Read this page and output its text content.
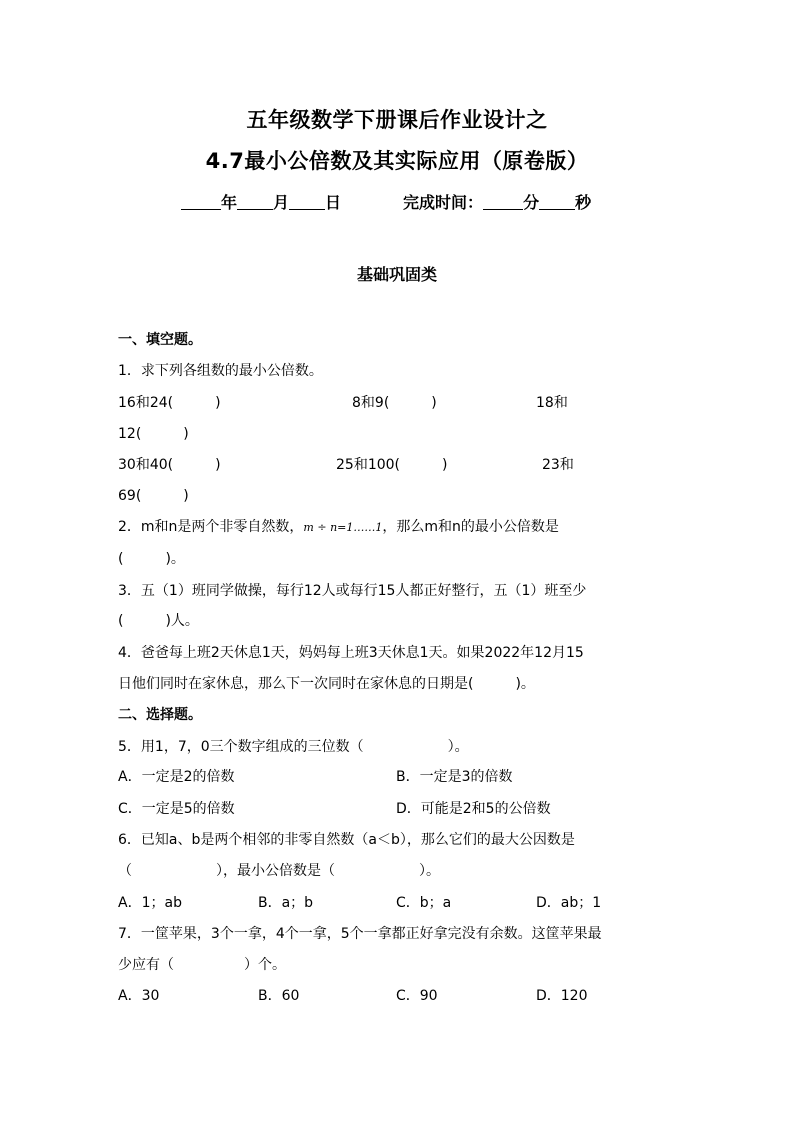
五年级数学下册课后作业设计之
4.7最小公倍数及其实际应用（原卷版）
年 月 日	完成时间：	分 秒
基础巩固类
一、填空题。
1．求下列各组数的最小公倍数。
16和24(　　　)	8和9(　　　)	18和
12(　　　)
30和40(　　　)	25和100(　　　)	23和
69(　　　)
2．m和n是两个非零自然数，m ÷ n=1……1，那么m和n的最小公倍数是
(　　　)。
3．五（1）班同学做操，每行12人或每行15人都正好整行，五（1）班至少
(　　　)人。
4．爸爸每上班2天休息1天，妈妈每上班3天休息1天。如果2022年12月15
日他们同时在家休息，那么下一次同时在家休息的日期是(　　　)。
二、选择题。
5．用1，7，0三个数字组成的三位数（　　　　　　）。
A．一定是2的倍数	B．一定是3的倍数
C．一定是5的倍数	D．可能是2和5的公倍数
6．已知a、b是两个相邻的非零自然数（a＜b），那么它们的最大公因数是
（　　　　　　），最小公倍数是（　　　　　　）。
A．1；ab	B．a；b	C．b；a	D．ab；1
7．一筐苹果，3个一拿，4个一拿，5个一拿都正好拿完没有余数。这筐苹果最
少应有（　　　　　）个。
A．30	B．60	C．90	D．120
